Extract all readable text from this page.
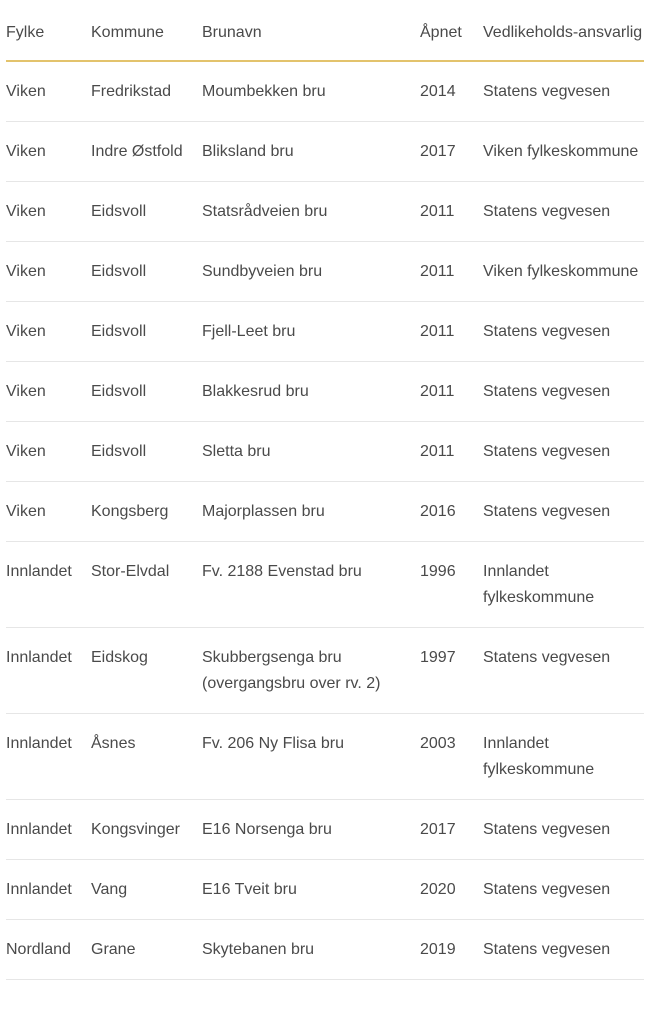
Fylke	Kommune	Brunavn	Åpnet	Vedlikeholds-ansvarlig
Viken	Fredrikstad	Moumbekken bru	2014	Statens vegvesen
Viken	Indre Østfold	Bliksland bru	2017	Viken fylkeskommune
Viken	Eidsvoll	Statsrådveien bru	2011	Statens vegvesen
Viken	Eidsvoll	Sundbyveien bru	2011	Viken fylkeskommune
Viken	Eidsvoll	Fjell-Leet bru	2011	Statens vegvesen
Viken	Eidsvoll	Blakkesrud bru	2011	Statens vegvesen
Viken	Eidsvoll	Sletta bru	2011	Statens vegvesen
Viken	Kongsberg	Majorplassen bru	2016	Statens vegvesen
Innlandet	Stor-Elvdal	Fv. 2188 Evenstad bru	1996	Innlandet fylkeskommune
Innlandet	Eidskog	Skubbergsenga bru (overgangsbru over rv. 2)	1997	Statens vegvesen
Innlandet	Åsnes	Fv. 206 Ny Flisa bru	2003	Innlandet fylkeskommune
Innlandet	Kongsvinger	E16 Norsenga bru	2017	Statens vegvesen
Innlandet	Vang	E16 Tveit bru	2020	Statens vegvesen
Nordland	Grane	Skytebanen bru	2019	Statens vegvesen
